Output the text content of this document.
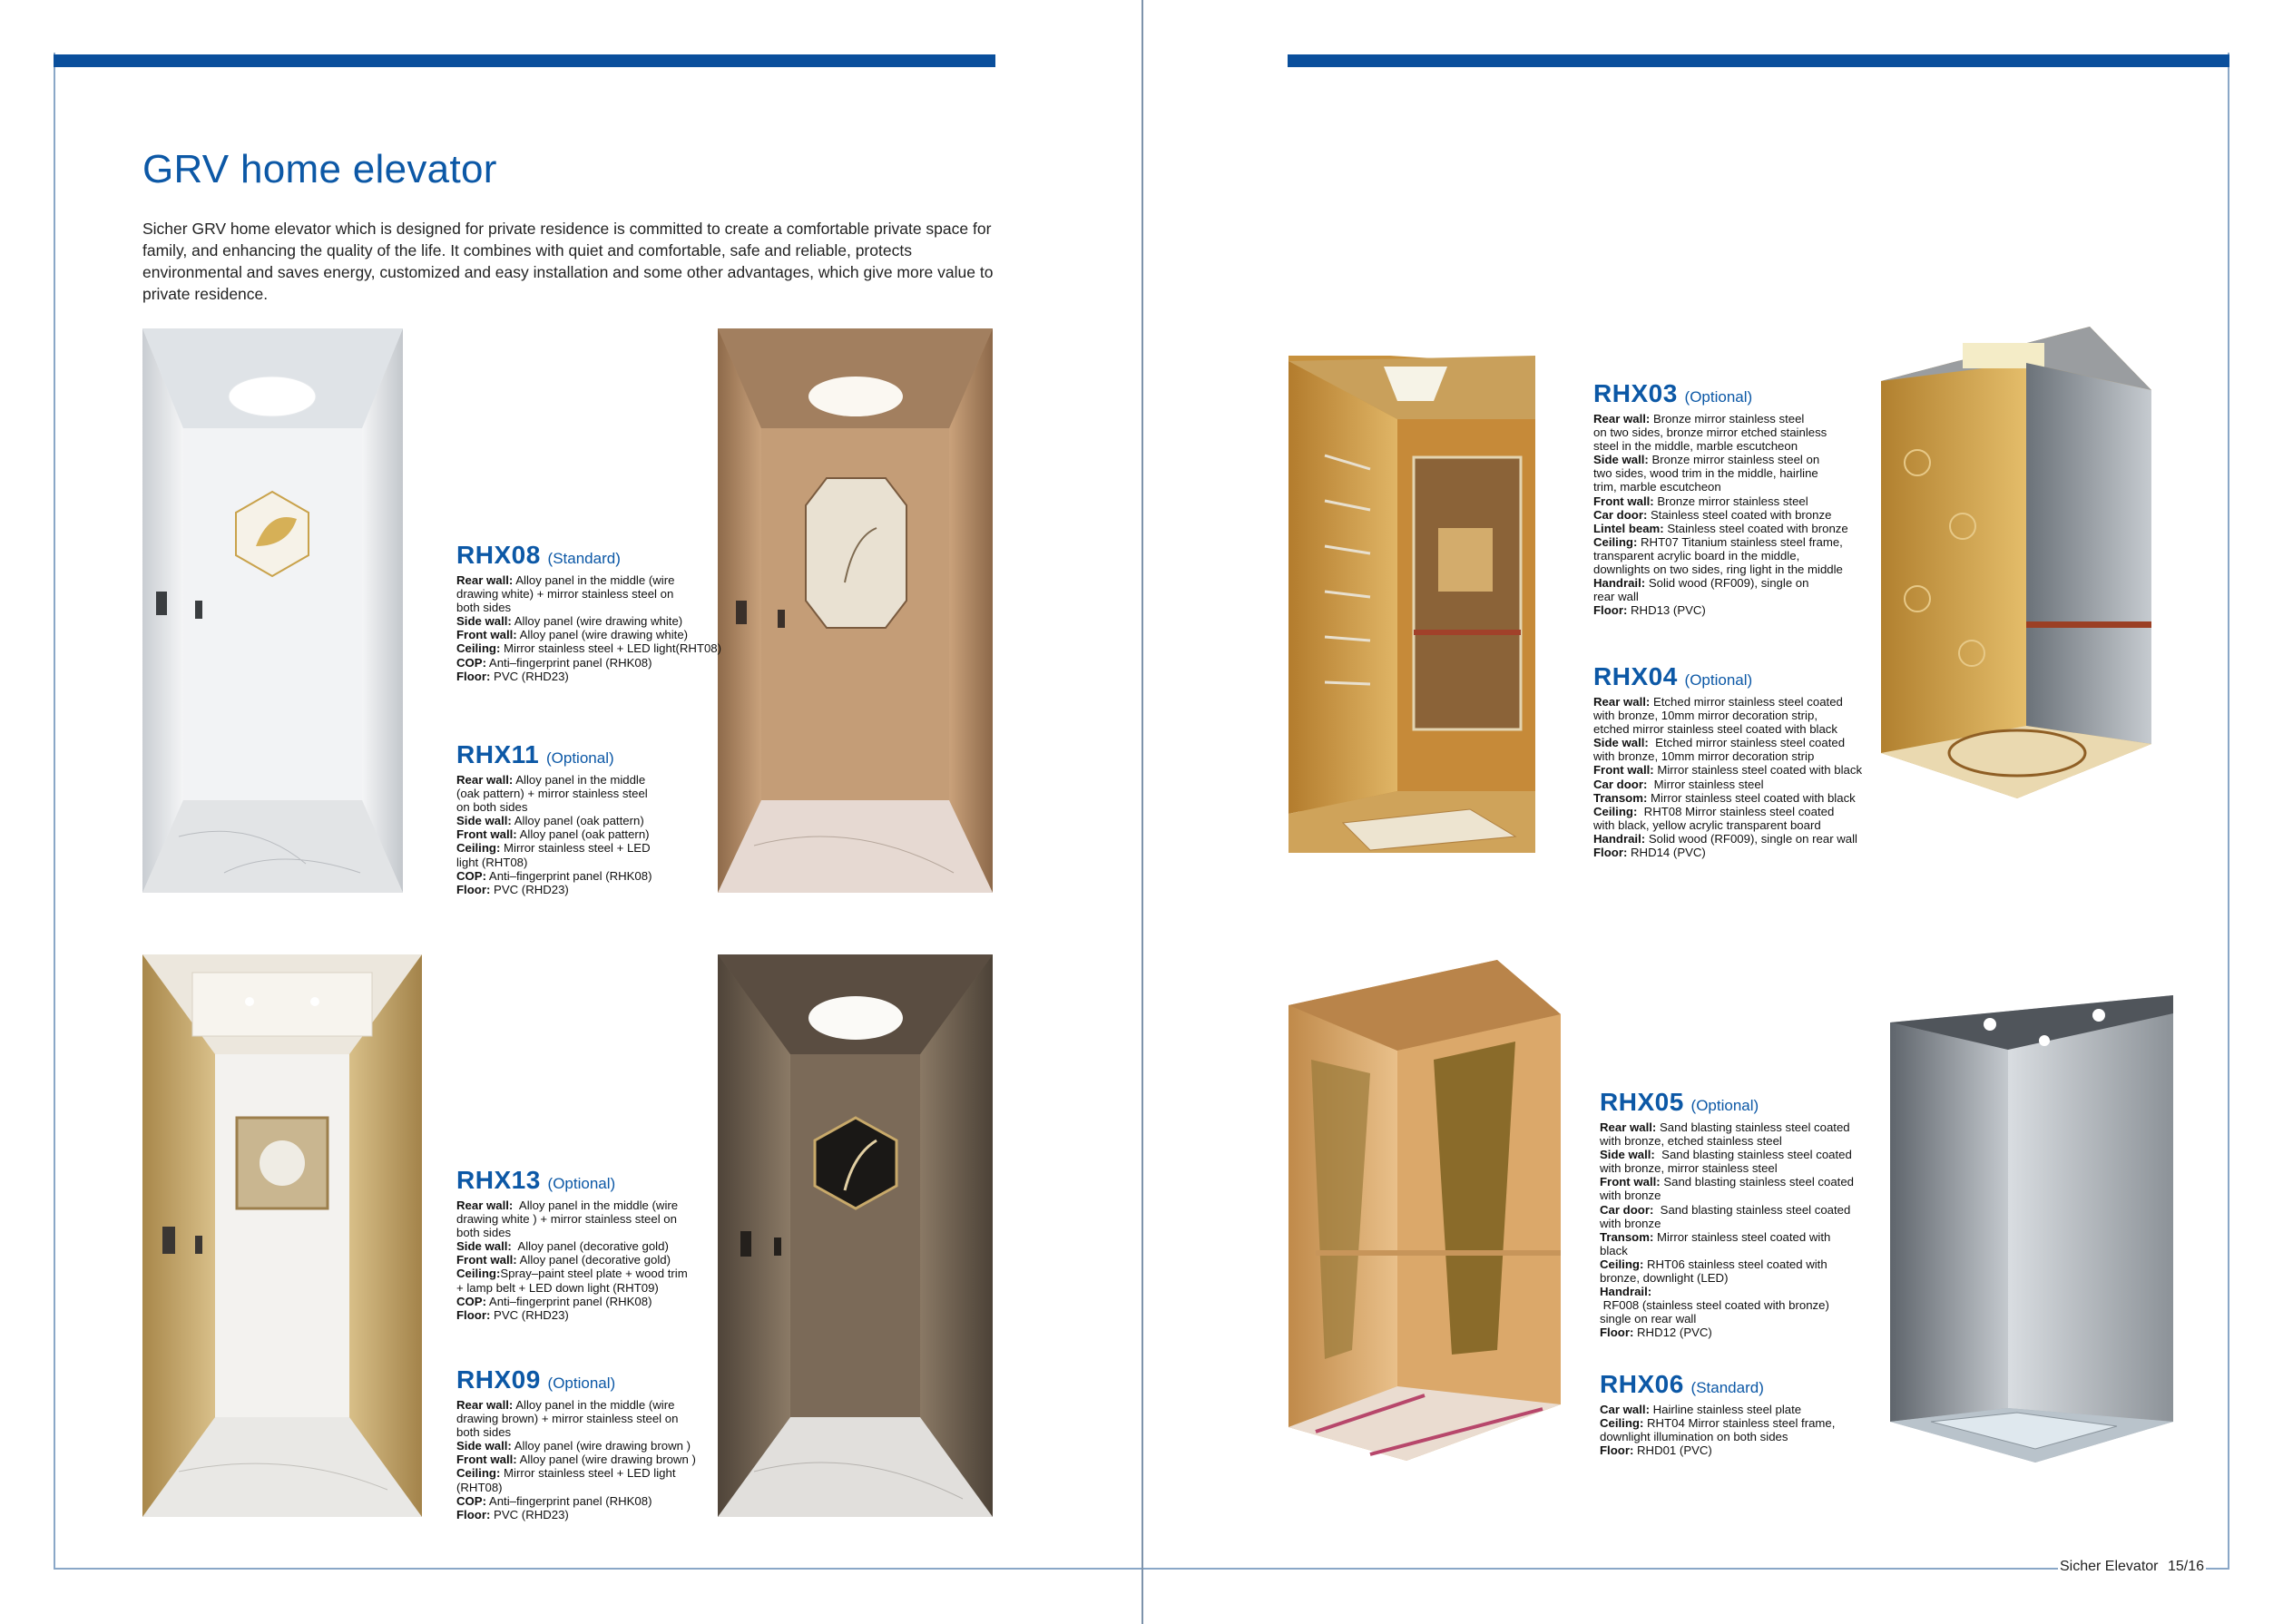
GRV home elevator

Sicher GRV home elevator which is designed for private residence is committed to create a comfortable private space for family, and enhancing the quality of the life. It combines with quiet and comfortable, safe and reliable, protects environmental and saves energy, customized and easy installation and some other advantages, which give more value to private residence.

RHX08 (Standard)
Rear wall: Alloy panel in the middle (wire
drawing white) + mirror stainless steel on
both sides
Side wall: Alloy panel (wire drawing white)
Front wall: Alloy panel (wire drawing white)
Ceiling: Mirror stainless steel + LED light(RHT08)
COP: Anti–fingerprint panel (RHK08)
Floor: PVC (RHD23)
RHX11 (Optional)
Rear wall: Alloy panel in the middle
(oak pattern) + mirror stainless steel
on both sides
Side wall: Alloy panel (oak pattern)
Front wall: Alloy panel (oak pattern)
Ceiling: Mirror stainless steel + LED
light (RHT08)
COP: Anti–fingerprint panel (RHK08)
Floor: PVC (RHD23)
RHX13 (Optional)
Rear wall:  Alloy panel in the middle (wire
drawing white ) + mirror stainless steel on
both sides
Side wall:  Alloy panel (decorative gold)
Front wall: Alloy panel (decorative gold)
Ceiling:Spray–paint steel plate + wood trim
+ lamp belt + LED down light (RHT09)
COP: Anti–fingerprint panel (RHK08)
Floor: PVC (RHD23)
RHX09 (Optional)
Rear wall: Alloy panel in the middle (wire
drawing brown) + mirror stainless steel on
both sides
Side wall: Alloy panel (wire drawing brown )
Front wall: Alloy panel (wire drawing brown )
Ceiling: Mirror stainless steel + LED light
(RHT08)
COP: Anti–fingerprint panel (RHK08)
Floor: PVC (RHD23)
RHX03 (Optional)
Rear wall: Bronze mirror stainless steel
on two sides, bronze mirror etched stainless
steel in the middle, marble escutcheon
Side wall: Bronze mirror stainless steel on
two sides, wood trim in the middle, hairline
trim, marble escutcheon
Front wall: Bronze mirror stainless steel
Car door: Stainless steel coated with bronze
Lintel beam: Stainless steel coated with bronze
Ceiling: RHT07 Titanium stainless steel frame,
transparent acrylic board in the middle,
downlights on two sides, ring light in the middle
Handrail: Solid wood (RF009), single on
rear wall
Floor: RHD13 (PVC)
RHX04 (Optional)
Rear wall: Etched mirror stainless steel coated
with bronze, 10mm mirror decoration strip,
etched mirror stainless steel coated with black
Side wall:  Etched mirror stainless steel coated
with bronze, 10mm mirror decoration strip
Front wall: Mirror stainless steel coated with black
Car door:  Mirror stainless steel
Transom: Mirror stainless steel coated with black
Ceiling:  RHT08 Mirror stainless steel coated
with black, yellow acrylic transparent board
Handrail: Solid wood (RF009), single on rear wall
Floor: RHD14 (PVC)
RHX05 (Optional)
Rear wall: Sand blasting stainless steel coated
with bronze, etched stainless steel
Side wall:  Sand blasting stainless steel coated
with bronze, mirror stainless steel
Front wall: Sand blasting stainless steel coated
with bronze
Car door:  Sand blasting stainless steel coated
with bronze
Transom: Mirror stainless steel coated with
black
Ceiling: RHT06 stainless steel coated with
bronze, downlight (LED)
Handrail: RF008 (stainless steel coated with bronze)
single on rear wall
Floor: RHD12 (PVC)
RHX06 (Standard)
Car wall: Hairline stainless steel plate
Ceiling: RHT04 Mirror stainless steel frame,
downlight illumination on both sides
Floor: RHD01 (PVC)
Sicher Elevator 15/16
